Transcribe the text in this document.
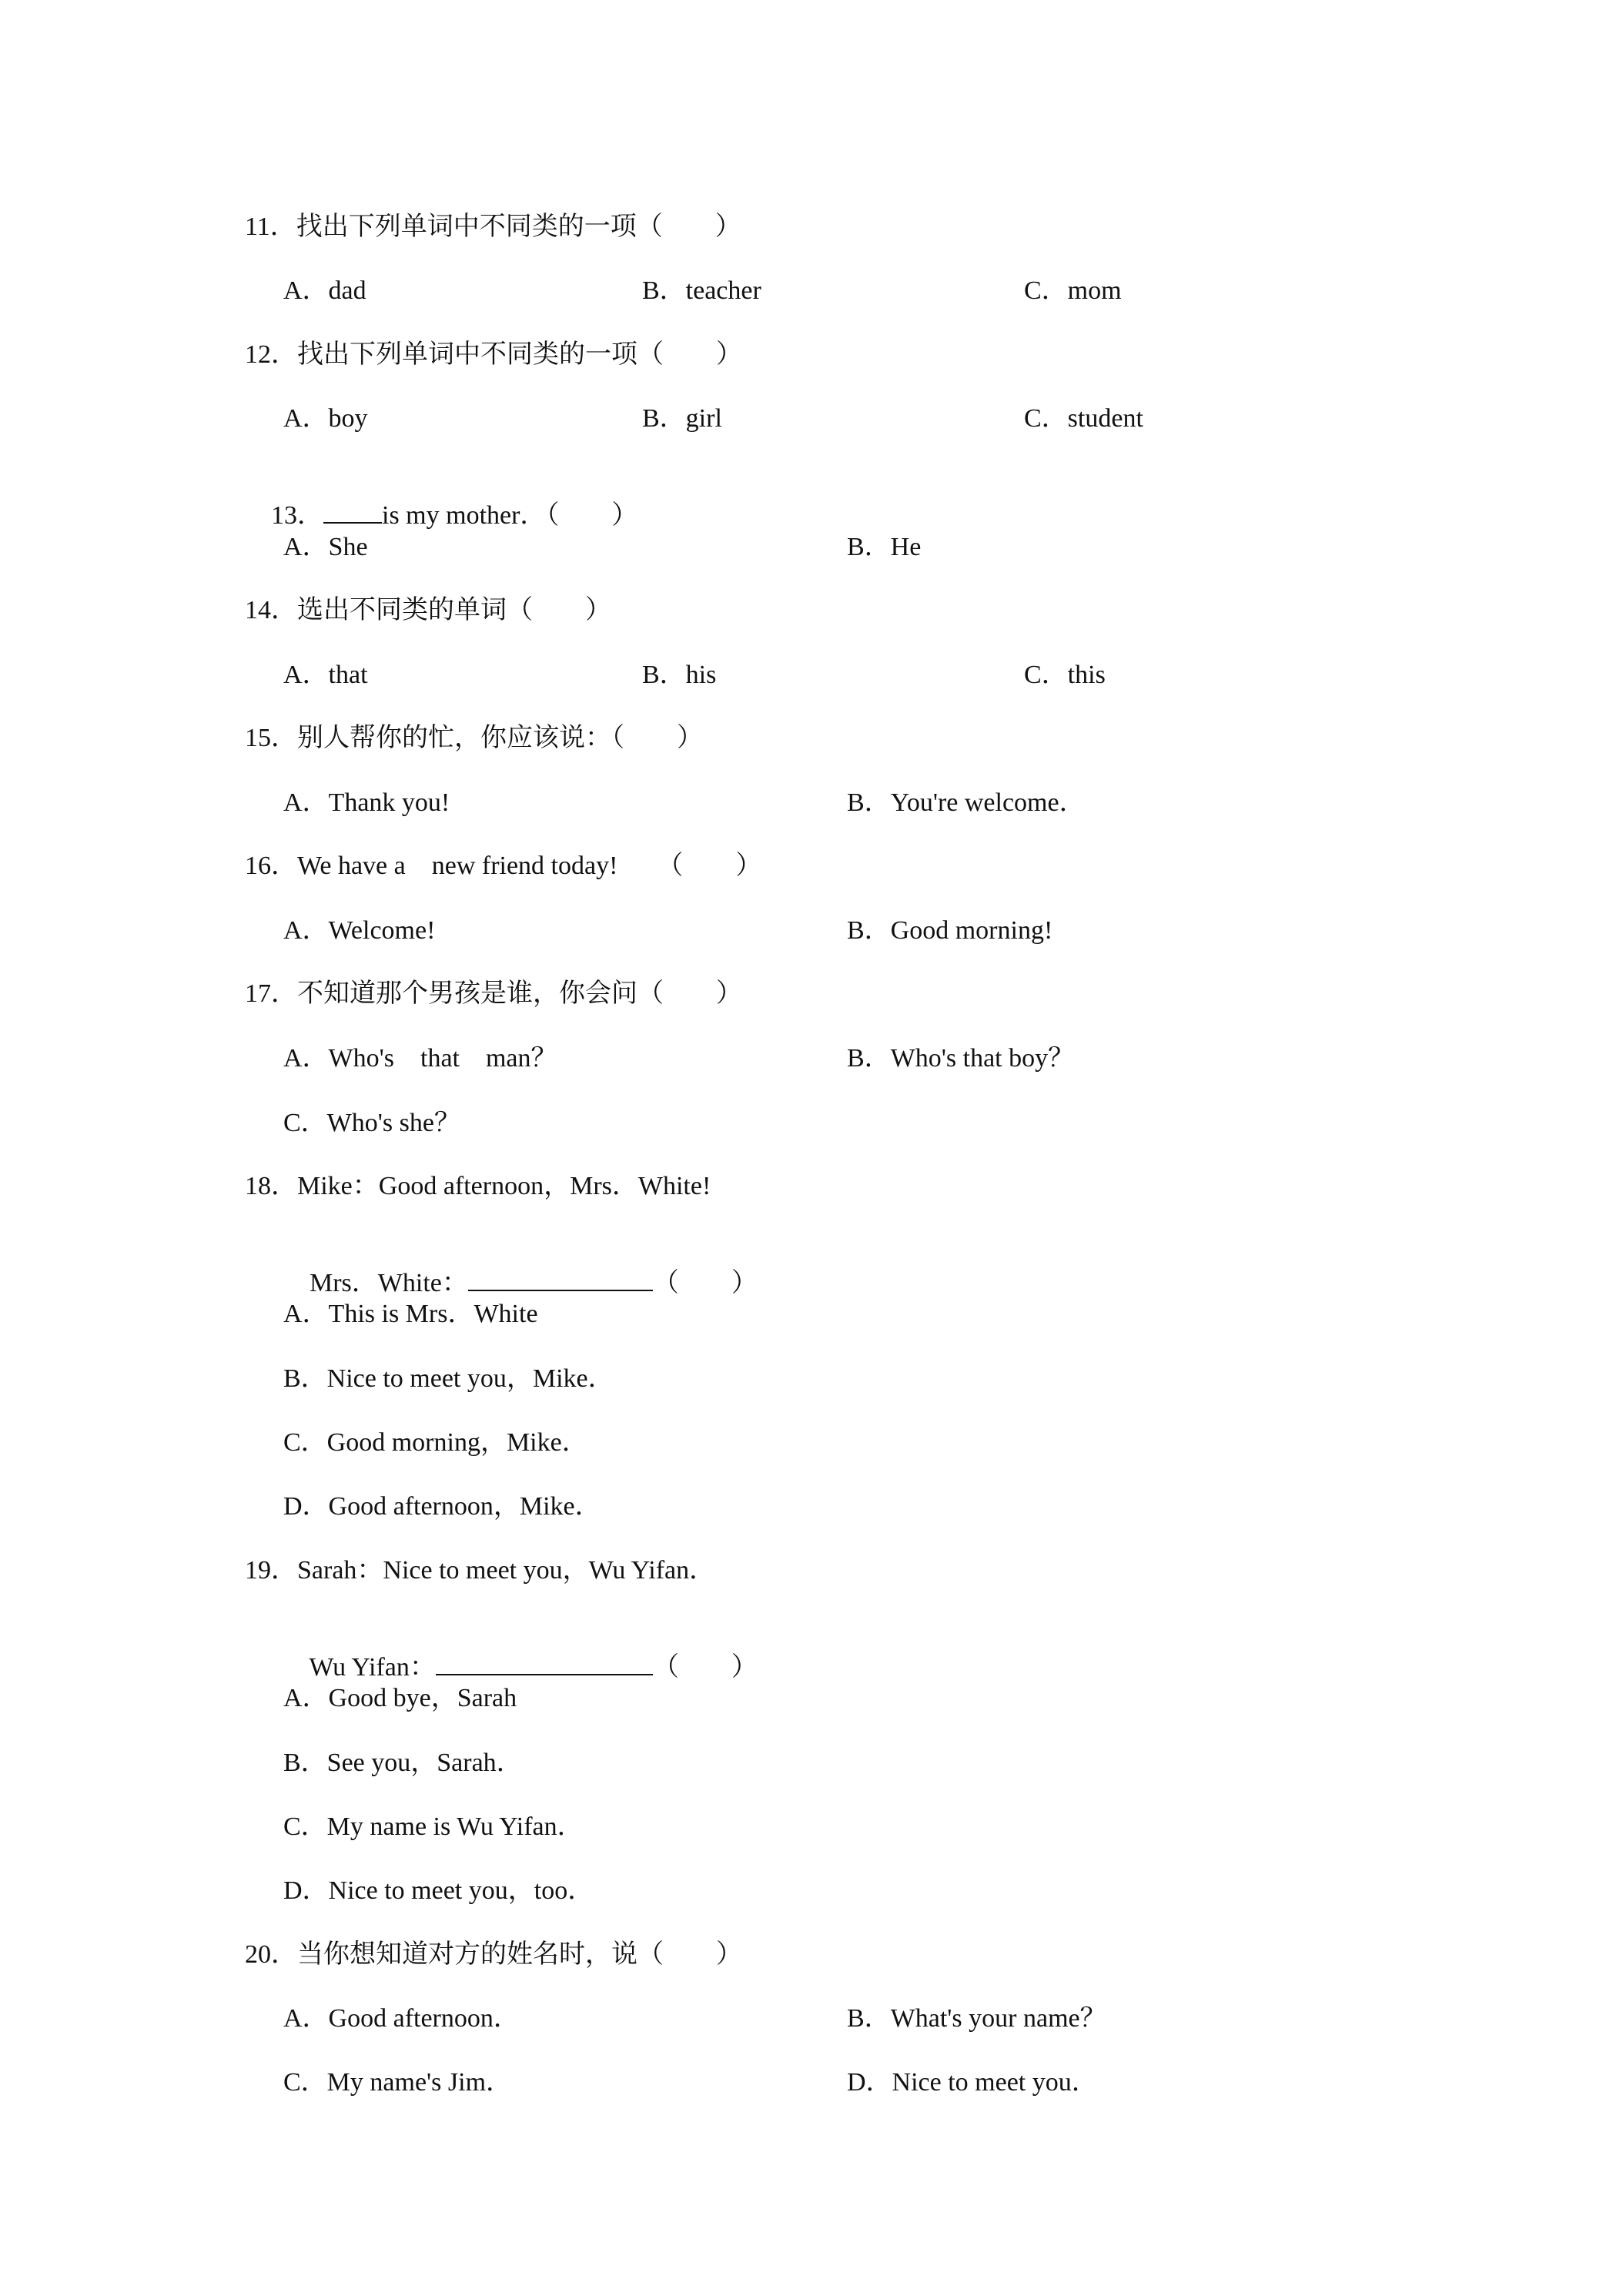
11．找出下列单词中不同类的一项（　　）
A．dad	B．teacher	C．mom
12．找出下列单词中不同类的一项（　　）
A．boy	B．girl	C．student

13． is my mother．（　　）

A．She	B．He
14．选出不同类的单词（　　）
A．that	B．his	C．this
15．别人帮你的忙，你应该说：（　　）
A．Thank you!	B．You're welcome．
16．We have a　new friend today!　　（　　）
A．Welcome!	B．Good morning!
17．不知道那个男孩是谁，你会问（　　）
A．Who's　that　man？	B．Who's that boy？
C．Who's she？
18．Mike：Good afternoon，Mrs．White!

Mrs．White：	（　　）

A．This is Mrs．White
B．Nice to meet you，Mike．
C．Good morning，Mike．
D．Good afternoon，Mike．
19．Sarah：Nice to meet you，Wu Yifan．

Wu Yifan：	（　　）

A．Good bye，Sarah
B．See you，Sarah．
C．My name is Wu Yifan．
D．Nice to meet you，too．
20．当你想知道对方的姓名时，说（　　）
A．Good afternoon．	B．What's your name？
C．My name's Jim．	D．Nice to meet you．
